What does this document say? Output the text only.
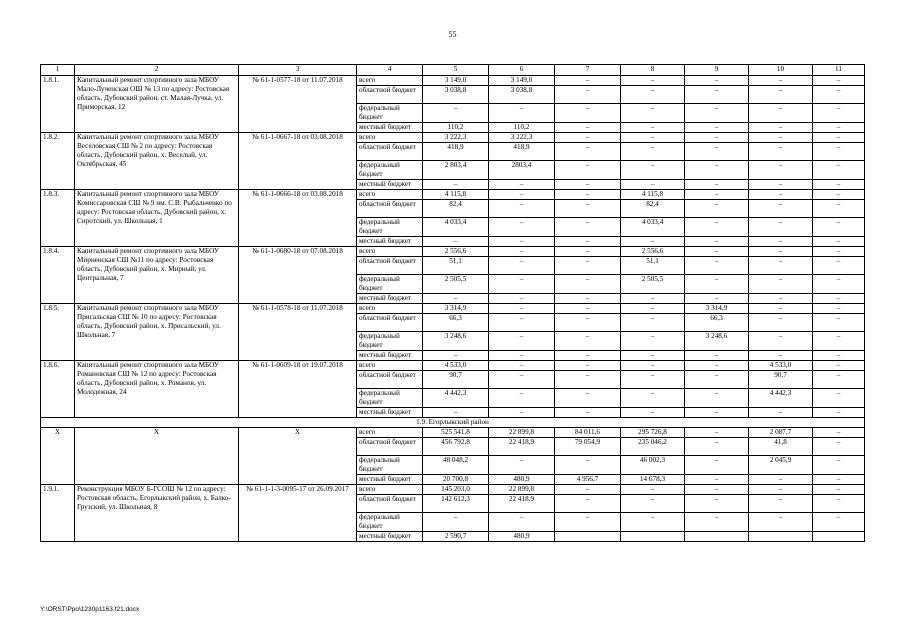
55
1	2	3	4	5	6	7	8	9	10	11
1.8.1.	Капитальный ремонт спортивного зала МБОУ Мало-Лученская ОШ № 13 по адресу: Ростовская область, Дубовский район, ст. Малая-Лучка, ул. Приморская, 12	№ 61-1-0577-18 от 11.07.2018	всего	3 149,0	3 149,0	–	–	–	–	–
			областной бюджет	3 038,8	3 038,8	–	–	–	–	–
			федеральный бюджет	–	–	–	–	–	–	–
			местный бюджет	110,2	110,2	–	–	–	–	–
1.8.2.	Капитальный ремонт спортивного зала МБОУ Веселовская СШ № 2 по адресу: Ростовская область, Дубовский район, х. Веселый, ул. Октябрьская, 45	№ 61-1-0667-18 от 03.08.2018	всего	3 222,3	3 222,3	–	–	–	–	–
			областной бюджет	418,9	418,9	–	–	–	–	–
			федеральный бюджет	2 803,4	2803,4	–	–	–	–	–
			местный бюджет	–	–	–	–	–	–	–
1.8.3.	Капитальный ремонт спортивного зала МБОУ Комиссаровская СШ № 9 им. С.В. Рыбальченко по адресу: Ростовская область, Дубовский район, х. Сиротский, ул. Школьная, 1	№ 61-1-0666-18 от 03.08.2018	всего	4 115,8	–	–	4 115,8	–	–	–
			областной бюджет	82,4	–	–	82,4	–	–	–
			федеральный бюджет	4 033,4	–	–	4 033,4	–	–	–
			местный бюджет	–	–	–	–	–	–	–
1.8.4.	Капитальный ремонт спортивного зала МБОУ Мирненская СШ №11 по адресу: Ростовская область, Дубовский район, х. Мирный, ул. Центральная, 7	№ 61-1-0680-18 от 07.08.2018	всего	2 556,6	–	–	2 556,6	–	–	–
			областной бюджет	51,1	–	–	51,1	–	–	–
			федеральный бюджет	2 505,5	–	–	2 505,5	–	–	–
			местный бюджет	–	–	–	–	–	–	–
1.8.5.	Капитальный ремонт спортивного зала МБОУ Присальская СШ № 10 по адресу: Ростовская область, Дубовский район, х. Присальский, ул. Школьная, 7	№ 61-1-0578-18 от 11.07.2018	всего	3 314,9	–	–	–	3 314,9	–	–
			областной бюджет	66,3	–	–	–	66,3	–	–
			федеральный бюджет	3 248,6	–	–	–	3 248,6	–	–
			местный бюджет	–	–	–	–	–	–	–
1.8.6.	Капитальный ремонт спортивного зала МБОУ Романовская СШ № 12 по адресу: Ростовская область, Дубовский район, х. Романов, ул. Молодежная, 24	№ 61-1-0609-18 от 19.07.2018	всего	4 533,0	–	–	–	–	4 533,0	–
			областной бюджет	90,7	–	–	–	–	90,7	–
			федеральный бюджет	4 442,3	–	–	–	–	4 442,3	–
			местный бюджет	–	–	–	–	–	–	–
1.9. Егорлыкский район										
Х	Х	Х	всего	525 541,8	22 899,8	84 011,6	295 726,8	–	2 087,7	–
			областной бюджет	456 792,8	22 418,9	79 054,9	235 046,2	–	41,8	–
			федеральный бюджет	48 048,2	–	–	46 002,3	–	2 045,9	–
			местный бюджет	20 700,8	480,9	4 956,7	14 678,3	–	–	–
1.9.1.	Реконструкция МБОУ Б-ГСОШ № 12 по адресу: Ростовская область, Егорлыкский район, х. Балко-Грузский, ул. Школьная, 8	№ 61-1-1-3-0095-17 от 26.09.2017	всего	145 203,0	22 899,8	–	–	–	–	–
			областной бюджет	142 612,3	22 418,9	–	–	–	–	–
			федеральный бюджет	–	–	–	–	–	–	–
			местный бюджет	2 590,7	480,9					
Y:\ORST\Ppo\1230p1163.f21.docx
